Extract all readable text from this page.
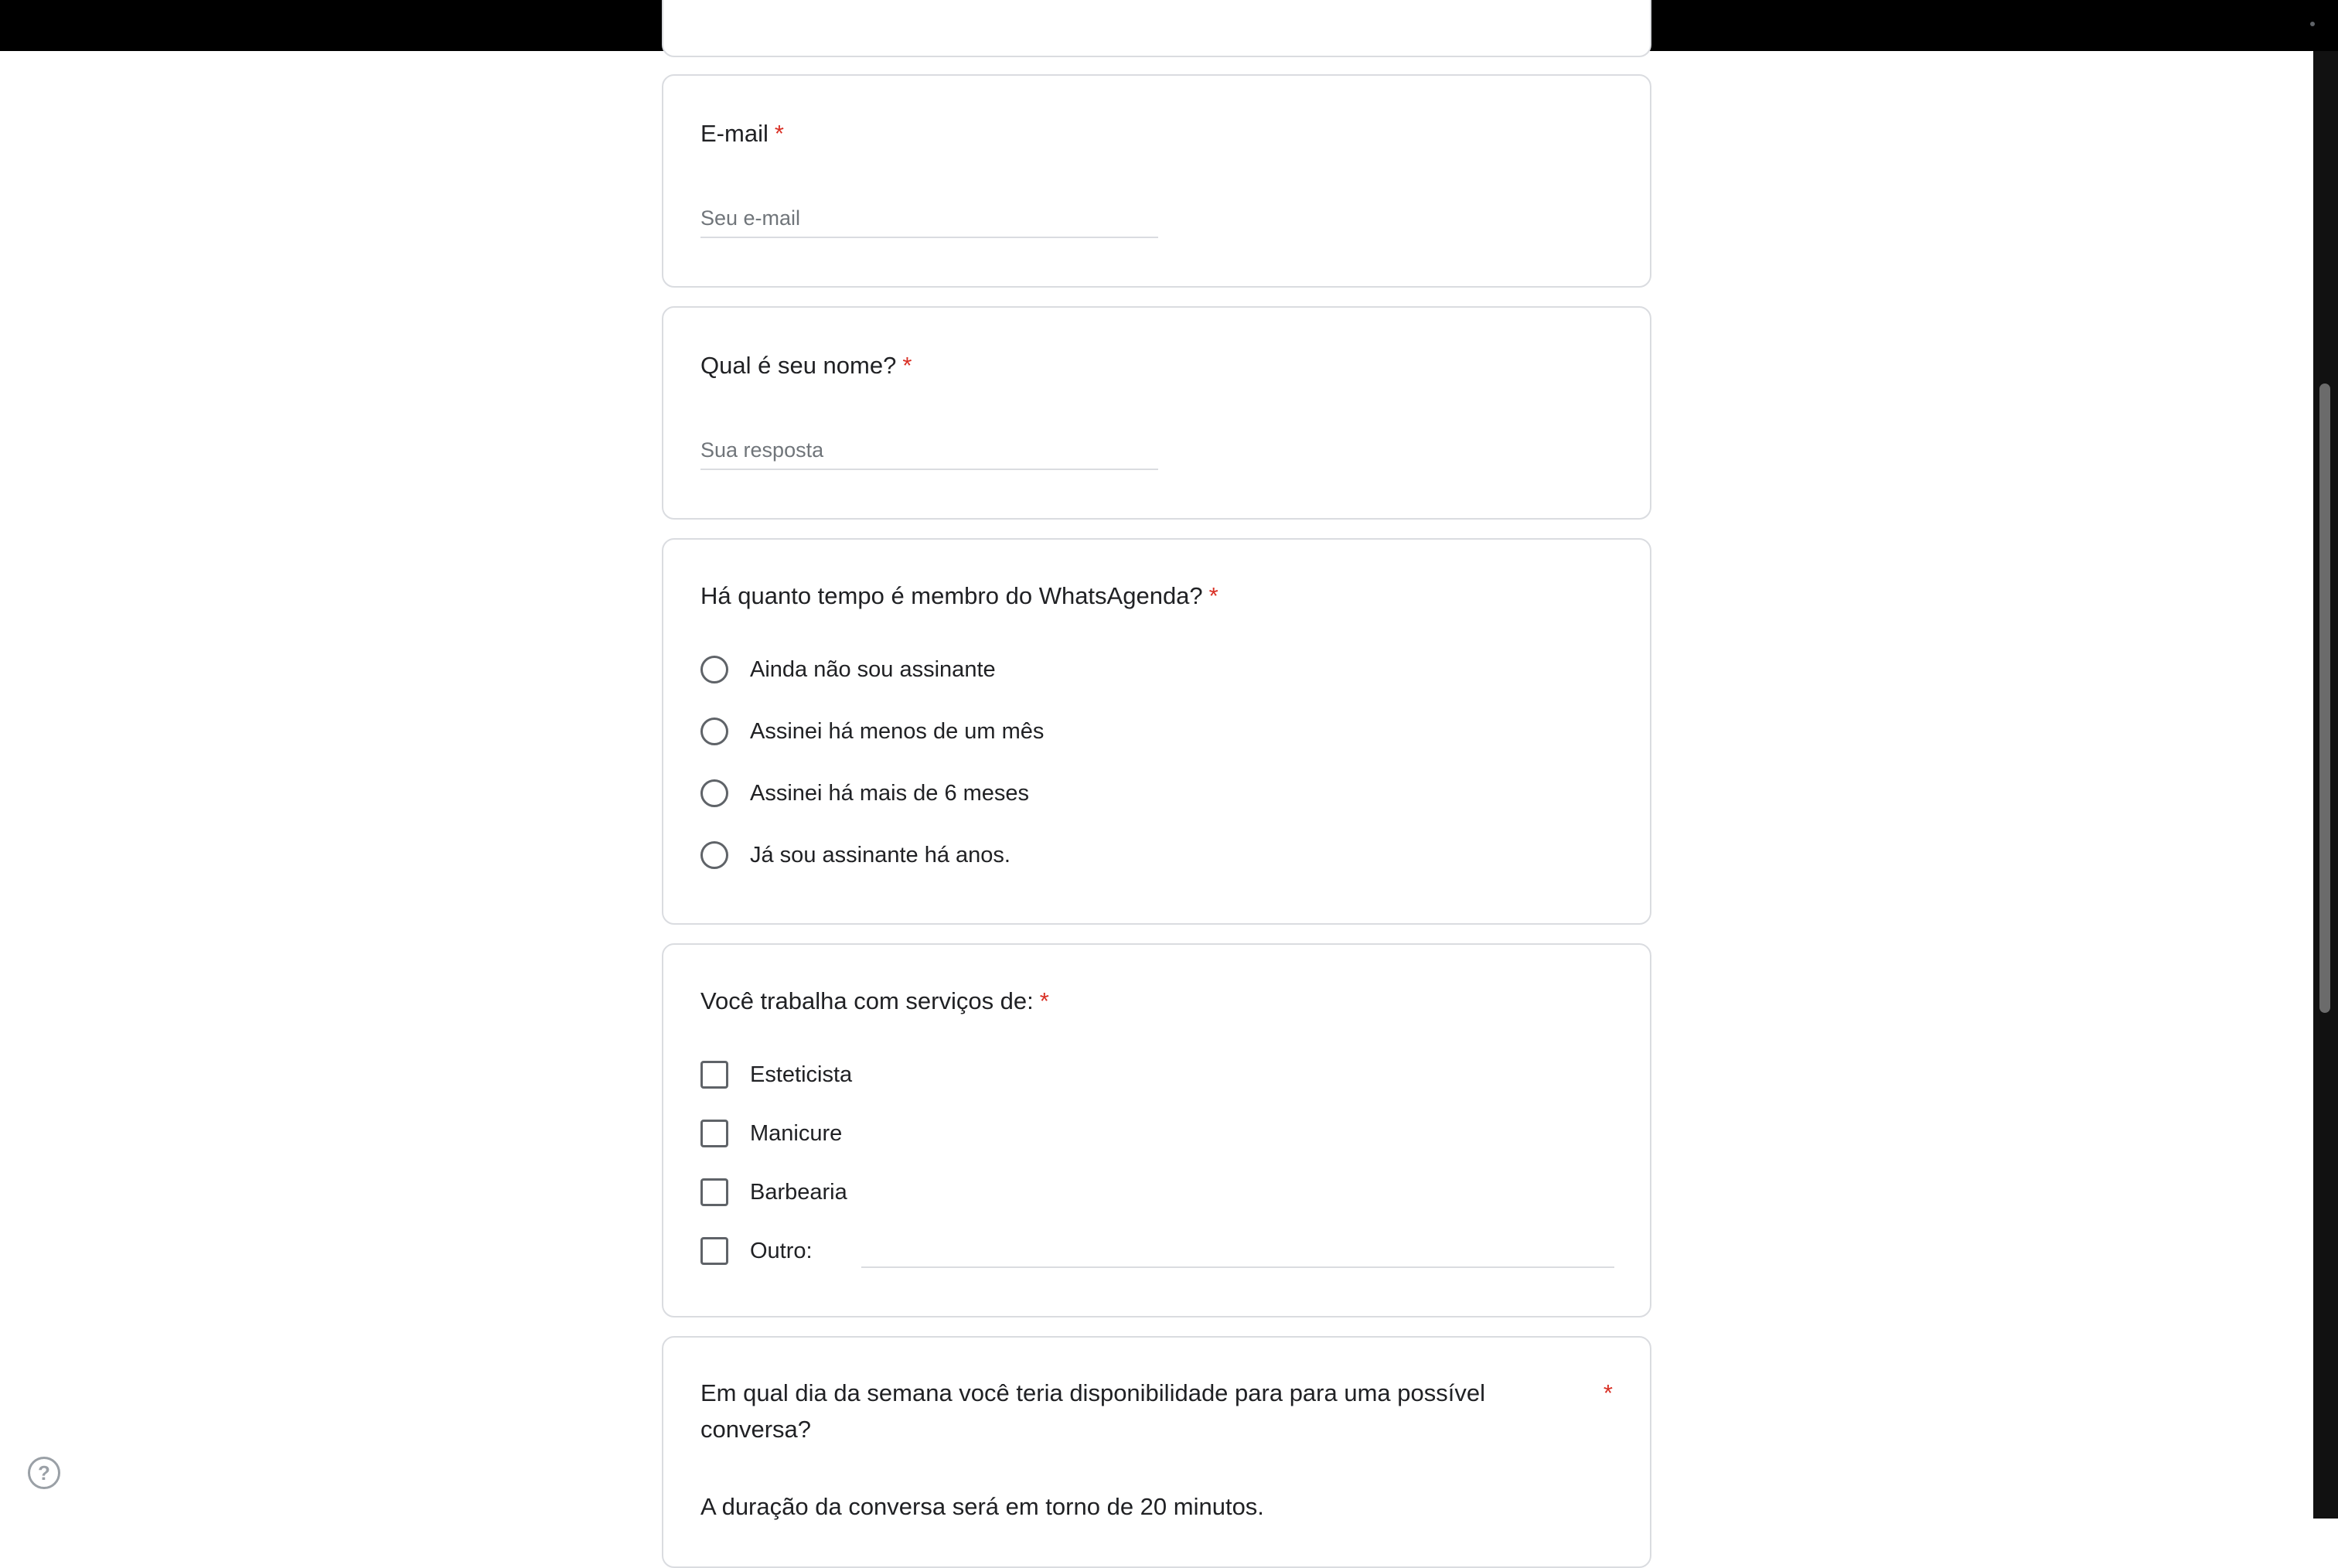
E-mail *
Seu e-mail
Qual é seu nome? *
Sua resposta
Há quanto tempo é membro do WhatsAgenda? *
Ainda não sou assinante
Assinei há menos de um mês
Assinei há mais de 6 meses
Já sou assinante há anos.
Você trabalha com serviços de: *
Esteticista
Manicure
Barbearia
Outro:
Em qual dia da semana você teria disponibilidade para para uma possível conversa?
*
A duração da conversa será em torno de 20 minutos.
?
